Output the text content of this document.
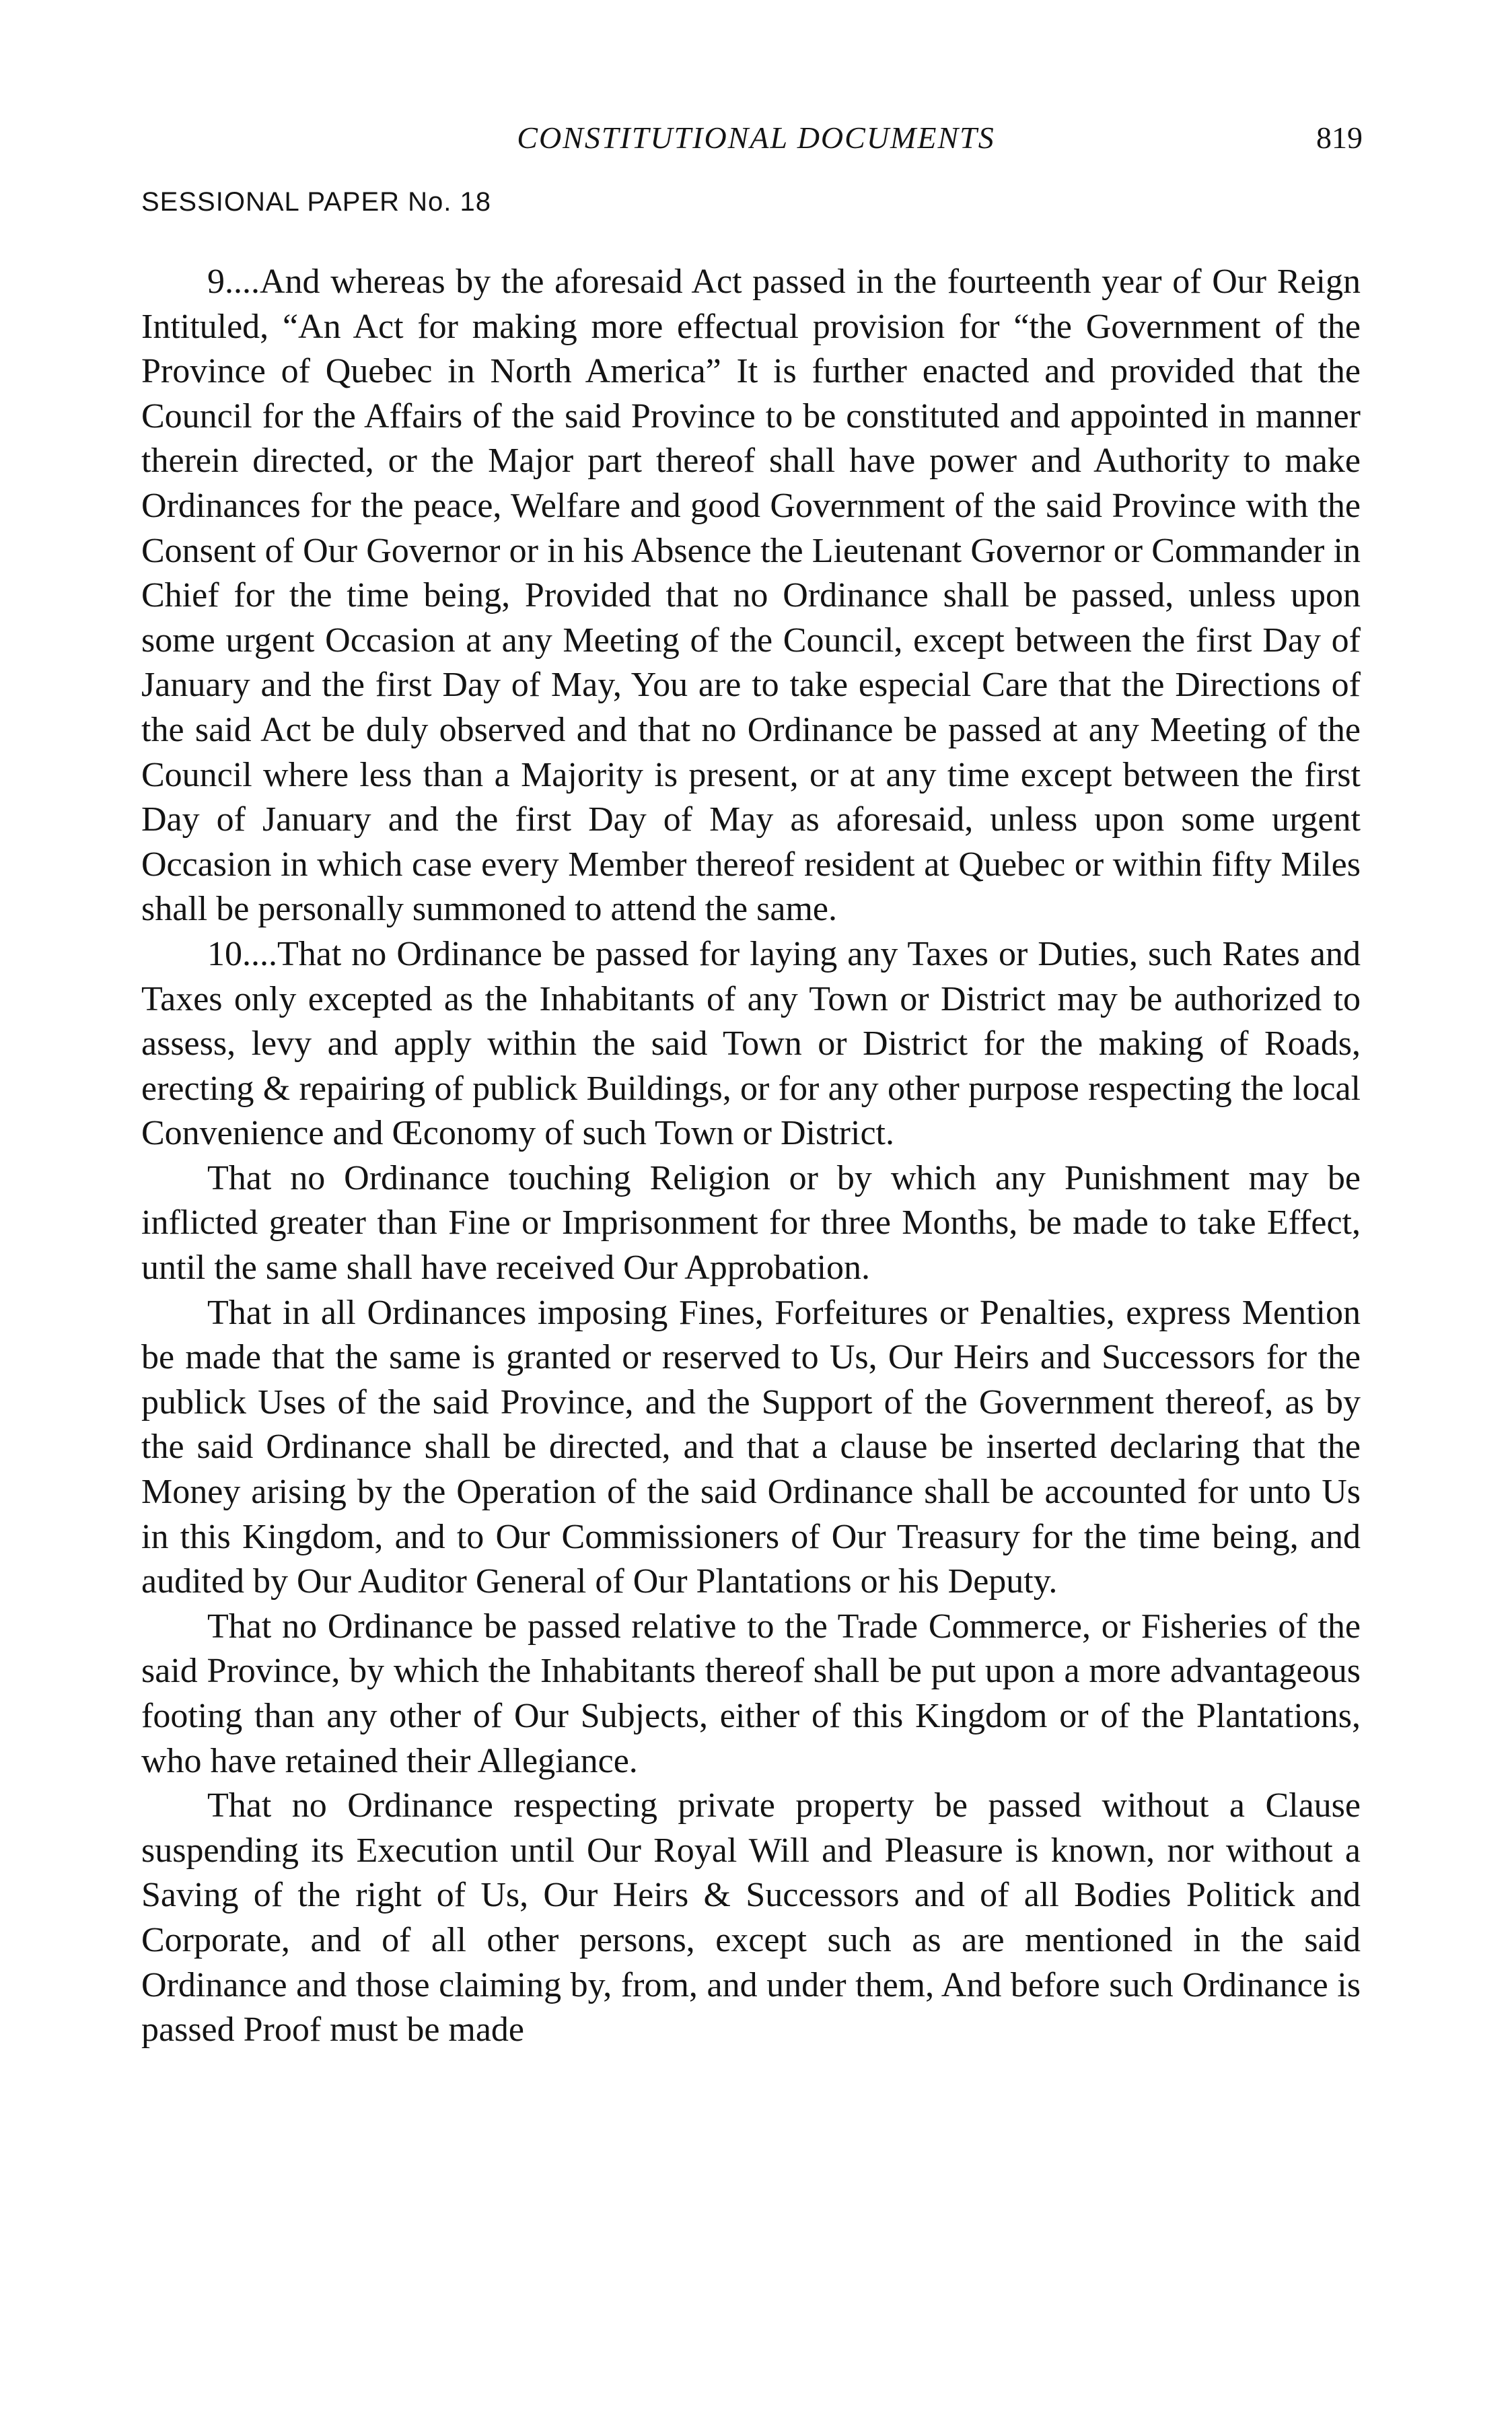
CONSTITUTIONAL DOCUMENTS	819
SESSIONAL PAPER No. 18

9....And whereas by the aforesaid Act passed in the fourteenth year of Our Reign Intituled, “An Act for making more effectual provision for “the Government of the Province of Quebec in North America” It is further enacted and provided that the Council for the Affairs of the said Province to be constituted and appointed in manner therein directed, or the Major part thereof shall have power and Authority to make Ordinances for the peace, Welfare and good Government of the said Province with the Consent of Our Governor or in his Absence the Lieutenant Governor or Commander in Chief for the time being, Provided that no Ordinance shall be passed, unless upon some urgent Occasion at any Meeting of the Council, except between the first Day of January and the first Day of May, You are to take especial Care that the Directions of the said Act be duly observed and that no Ordinance be passed at any Meeting of the Council where less than a Majority is present, or at any time except between the first Day of January and the first Day of May as aforesaid, unless upon some urgent Occasion in which case every Member thereof resident at Quebec or within fifty Miles shall be personally summoned to attend the same.

10....That no Ordinance be passed for laying any Taxes or Duties, such Rates and Taxes only excepted as the Inhabitants of any Town or District may be authorized to assess, levy and apply within the said Town or District for the making of Roads, erecting & repairing of publick Buildings, or for any other purpose respecting the local Convenience and Œconomy of such Town or District.

That no Ordinance touching Religion or by which any Punishment may be inflicted greater than Fine or Imprisonment for three Months, be made to take Effect, until the same shall have received Our Approbation.

That in all Ordinances imposing Fines, Forfeitures or Penalties, express Mention be made that the same is granted or reserved to Us, Our Heirs and Successors for the publick Uses of the said Province, and the Support of the Government thereof, as by the said Ordinance shall be directed, and that a clause be inserted declaring that the Money arising by the Operation of the said Ordinance shall be accounted for unto Us in this Kingdom, and to Our Commissioners of Our Treasury for the time being, and audited by Our Auditor General of Our Plantations or his Deputy.

That no Ordinance be passed relative to the Trade Commerce, or Fisheries of the said Province, by which the Inhabitants thereof shall be put upon a more advantageous footing than any other of Our Subjects, either of this Kingdom or of the Plantations, who have retained their Allegiance.

That no Ordinance respecting private property be passed without a Clause suspending its Execution until Our Royal Will and Pleasure is known, nor without a Saving of the right of Us, Our Heirs & Successors and of all Bodies Politick and Corporate, and of all other persons, except such as are mentioned in the said Ordinance and those claiming by, from, and under them, And before such Ordinance is passed Proof must be made
